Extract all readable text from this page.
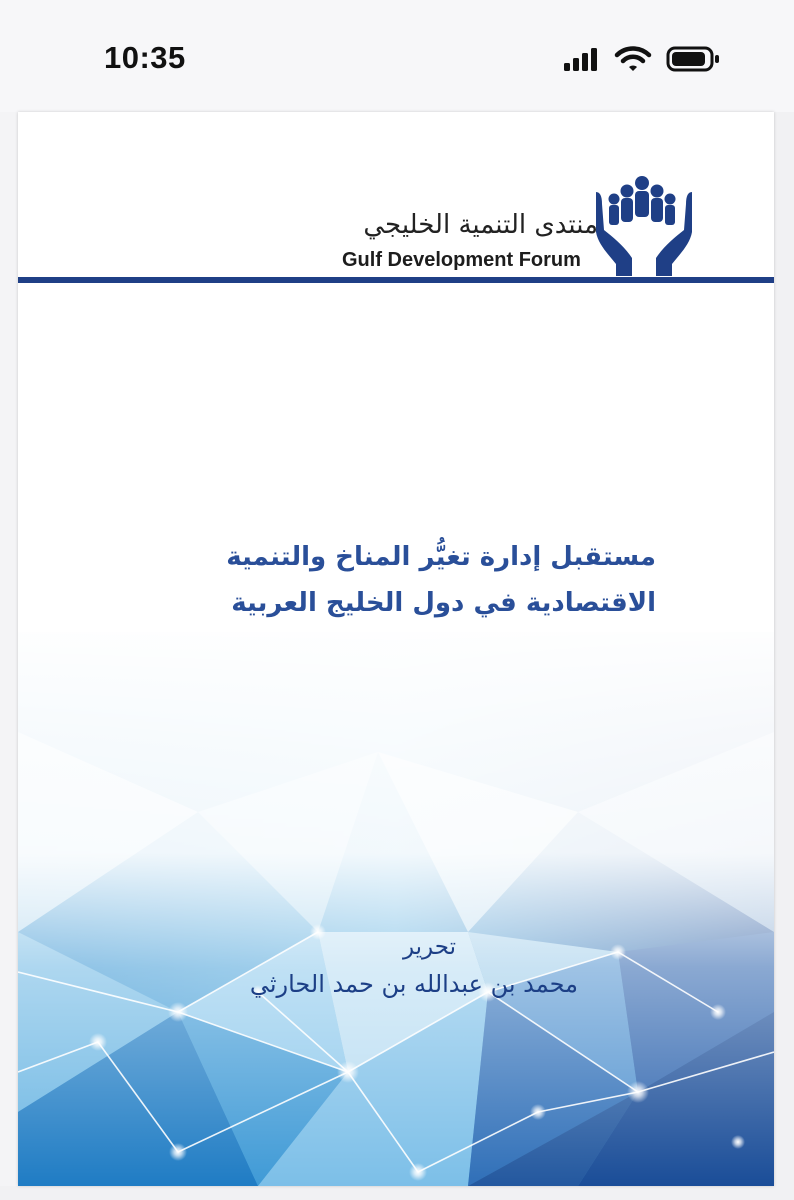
10:35
منتدى التنمية الخليجي
Gulf Development Forum
مستقبل إدارة تغيُّر المناخ والتنمية
الاقتصادية في دول الخليج العربية
تحرير
محمد بن عبدالله بن حمد الحارثي
